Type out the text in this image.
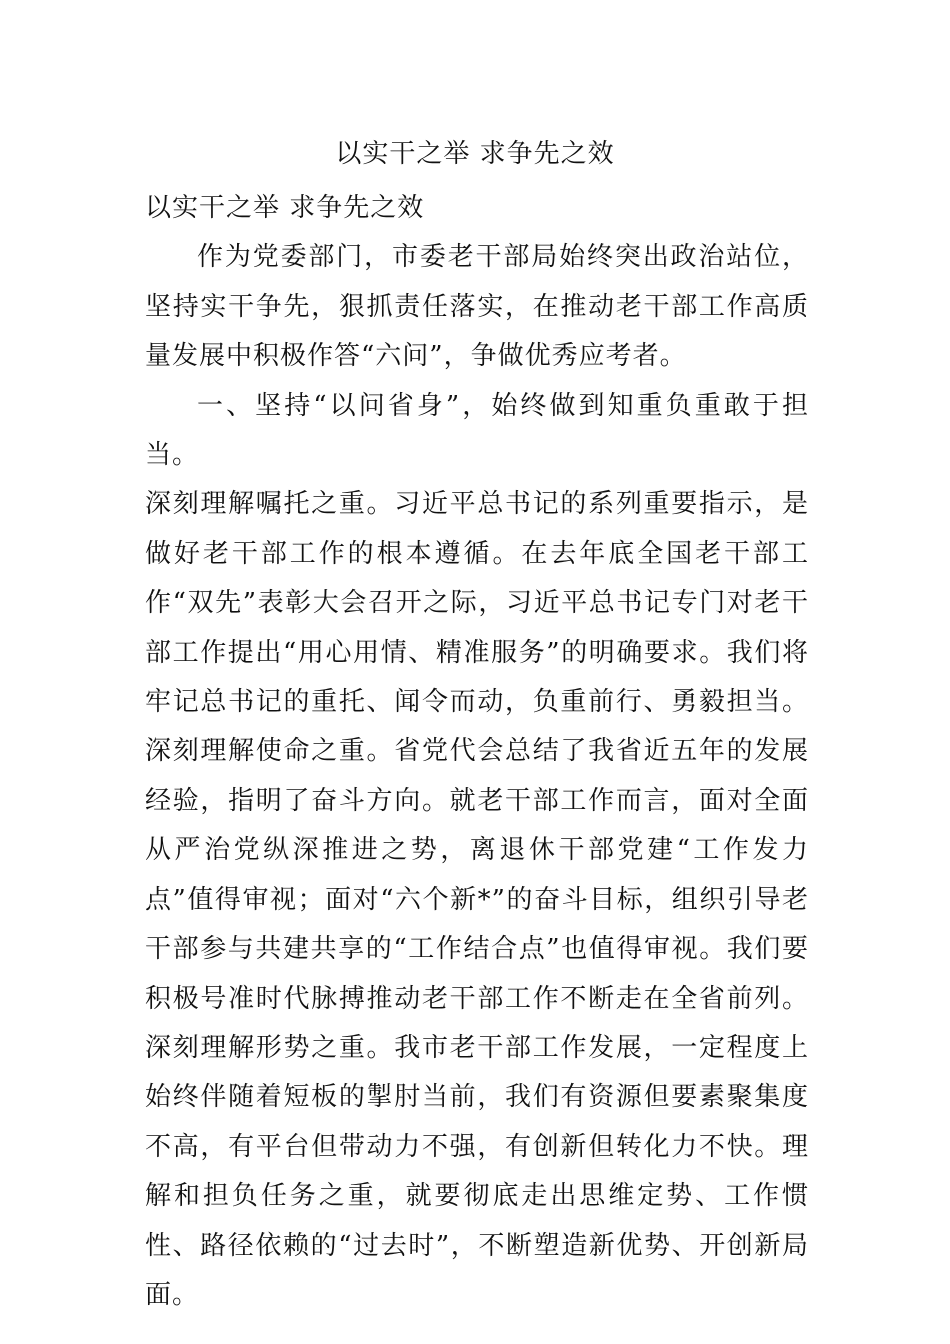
以实干之举 求争先之效

以实干之举 求争先之效

作为党委部门，市委老干部局始终突出政治站位，坚持实干争先，狠抓责任落实，在推动老干部工作高质量发展中积极作答“六问”，争做优秀应考者。

一、坚持“以问省身”，始终做到知重负重敢于担当。

深刻理解嘱托之重。习近平总书记的系列重要指示，是做好老干部工作的根本遵循。在去年底全国老干部工作“双先”表彰大会召开之际，习近平总书记专门对老干部工作提出“用心用情、精准服务”的明确要求。我们将牢记总书记的重托、闻令而动，负重前行、勇毅担当。深刻理解使命之重。省党代会总结了我省近五年的发展经验，指明了奋斗方向。就老干部工作而言，面对全面从严治党纵深推进之势，离退休干部党建“工作发力点”值得审视；面对“六个新*”的奋斗目标，组织引导老干部参与共建共享的“工作结合点”也值得审视。我们要积极号准时代脉搏推动老干部工作不断走在全省前列。深刻理解形势之重。我市老干部工作发展，一定程度上始终伴随着短板的掣肘当前，我们有资源但要素聚集度不高，有平台但带动力不强，有创新但转化力不快。理解和担负任务之重，就要彻底走出思维定势、工作惯性、路径依赖的“过去时”，不断塑造新优势、开创新局面。
